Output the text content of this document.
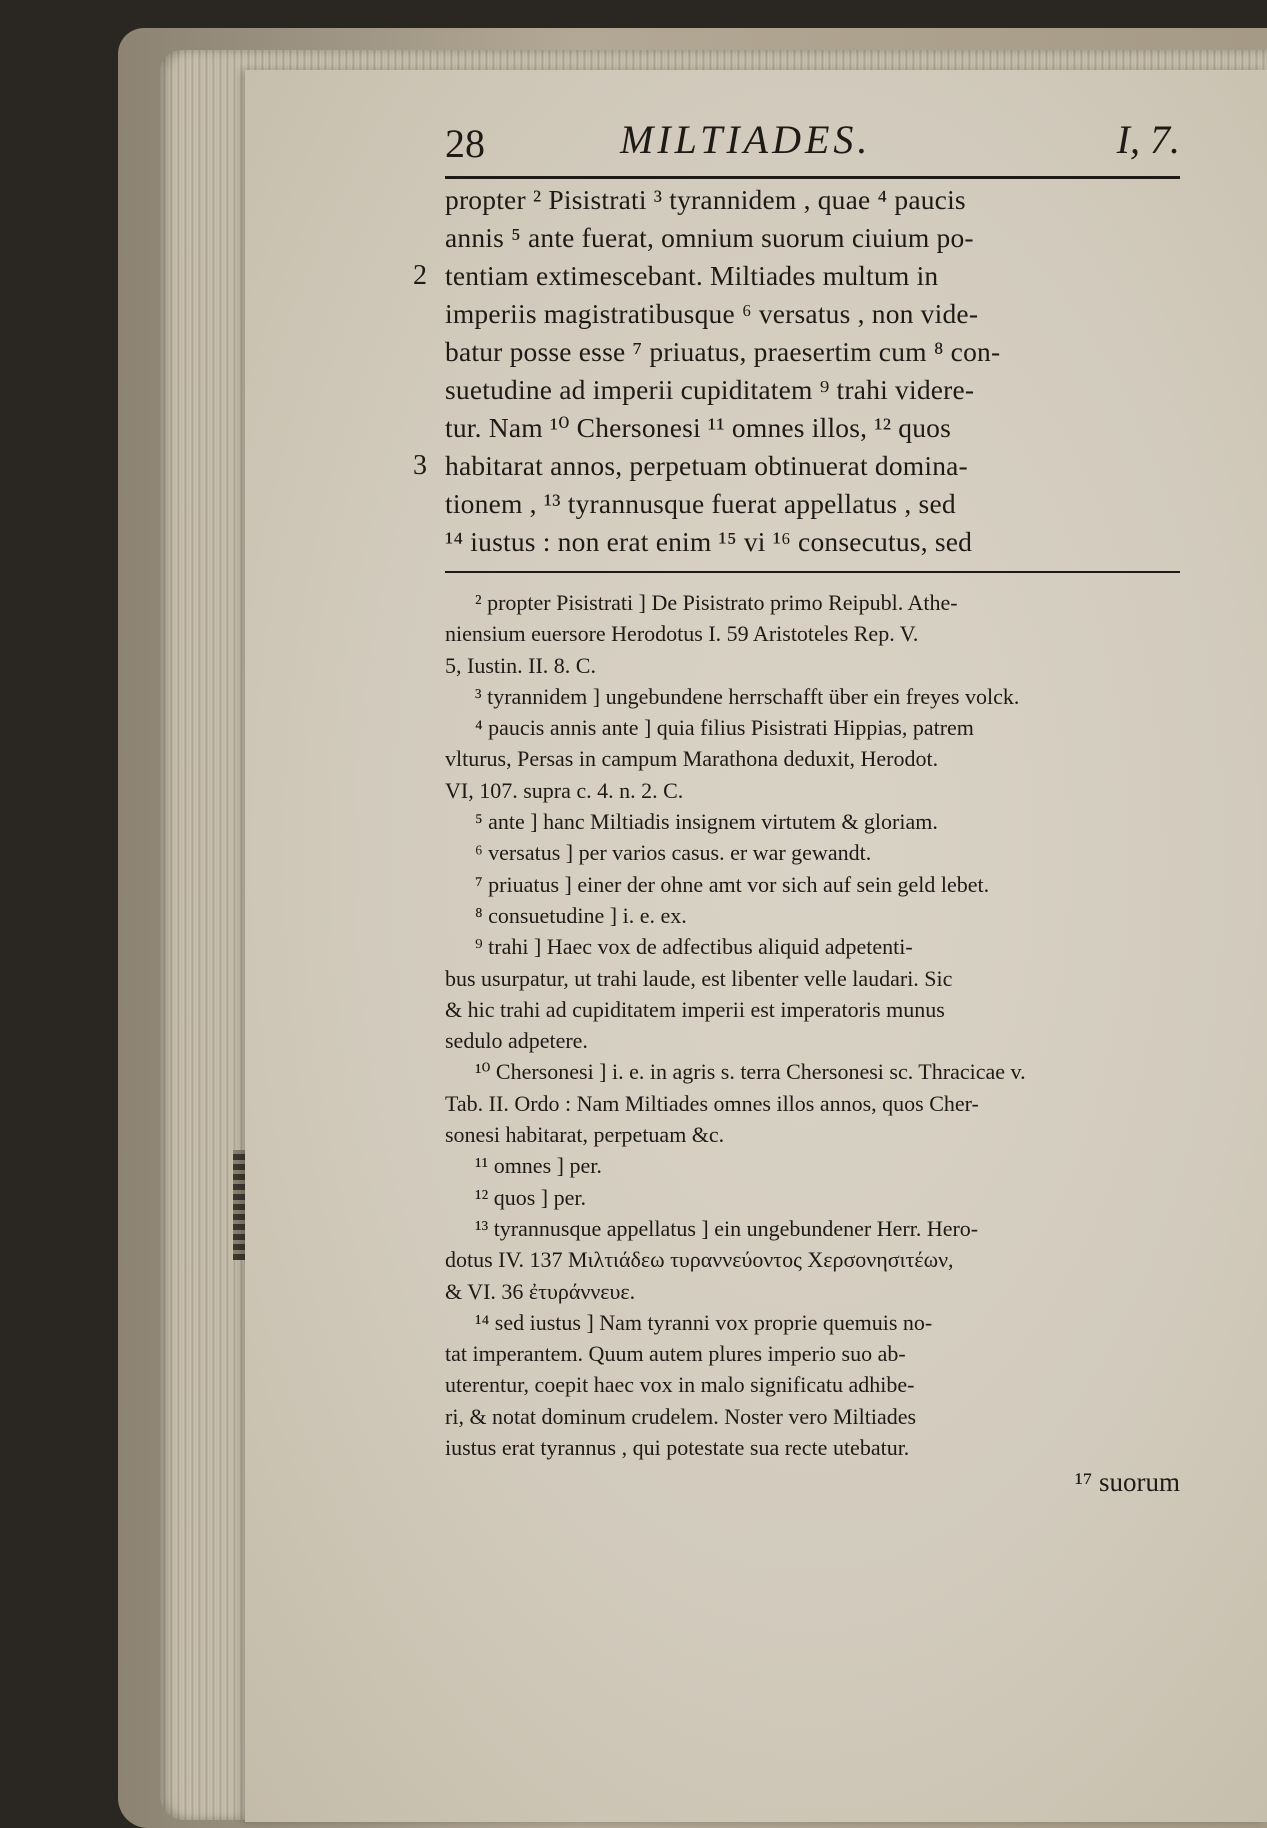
28	MILTIADES.	I, 7.
2
3
propter ² Pisistrati ³ tyrannidem , quae ⁴ paucis
annis ⁵ ante fuerat, omnium suorum ciuium po-
tentiam extimescebant. Miltiades multum in
imperiis magistratibusque ⁶ versatus , non vide-
batur posse esse ⁷ priuatus, praesertim cum ⁸ con-
suetudine ad imperii cupiditatem ⁹ trahi videre-
tur. Nam ¹⁰ Chersonesi ¹¹ omnes illos, ¹² quos
habitarat annos, perpetuam obtinuerat domina-
tionem , ¹³ tyrannusque fuerat appellatus , sed
¹⁴ iustus : non erat enim ¹⁵ vi ¹⁶ consecutus, sed
² propter Pisistrati ] De Pisistrato primo Reipubl. Athe-
niensium euersore Herodotus I. 59 Aristoteles Rep. V.
5, Iustin. II. 8. C.
³ tyrannidem ] ungebundene herrschafft über ein freyes volck.
⁴ paucis annis ante ] quia filius Pisistrati Hippias, patrem
vlturus, Persas in campum Marathona deduxit, Herodot.
VI, 107. supra c. 4. n. 2. C.
⁵ ante ] hanc Miltiadis insignem virtutem & gloriam.
⁶ versatus ] per varios casus. er war gewandt.
⁷ priuatus ] einer der ohne amt vor sich auf sein geld lebet.
⁸ consuetudine ] i. e. ex.
⁹ trahi ] Haec vox de adfectibus aliquid adpetenti-
bus usurpatur, ut trahi laude, est libenter velle laudari. Sic
& hic trahi ad cupiditatem imperii est imperatoris munus
sedulo adpetere.
¹⁰ Chersonesi ] i. e. in agris s. terra Chersonesi sc. Thracicae v.
Tab. II. Ordo : Nam Miltiades omnes illos annos, quos Cher-
sonesi habitarat, perpetuam &c.
¹¹ omnes ] per.
¹² quos ] per.
¹³ tyrannusque appellatus ] ein ungebundener Herr. Hero-
dotus IV. 137 Μιλτιάδεω τυραννεύοντος Χερσονησιτέων,
& VI. 36 ἐτυράννευε.
¹⁴ sed iustus ] Nam tyranni vox proprie quemuis no-
tat imperantem. Quum autem plures imperio suo ab-
uterentur, coepit haec vox in malo significatu adhibe-
ri, & notat dominum crudelem. Noster vero Miltiades
iustus erat tyrannus , qui potestate sua recte utebatur.
¹⁷ suorum
